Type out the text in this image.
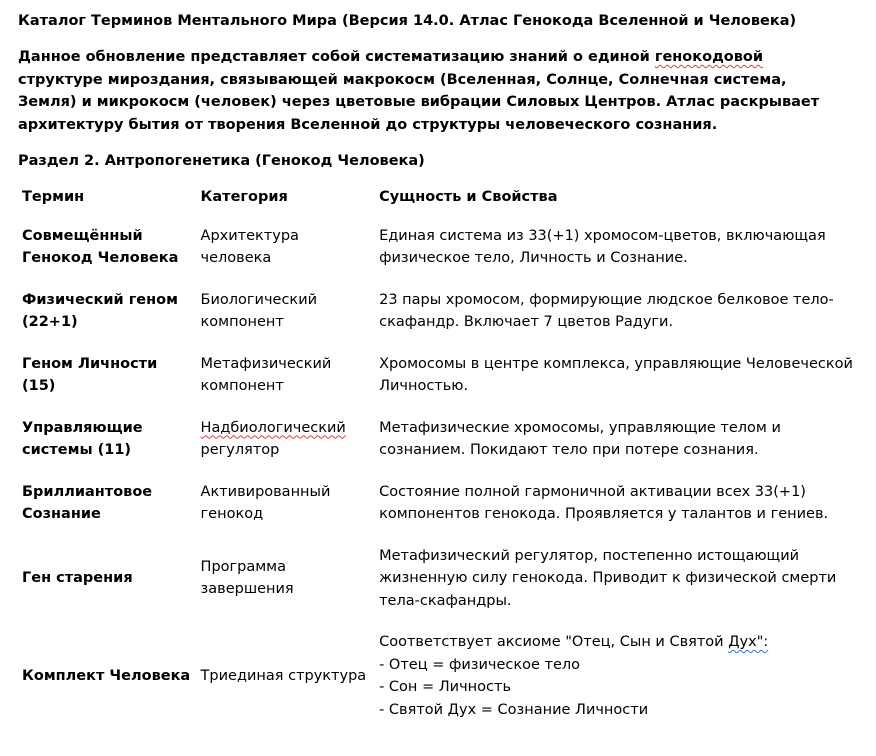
Каталог Терминов Ментального Мира (Версия 14.0. Атлас Генокода Вселенной и Человека)

Данное обновление представляет собой систематизацию знаний о единой генокодовой структуре мироздания, связывающей макрокосм (Вселенная, Солнце, Солнечная система, Земля) и микрокосм (человек) через цветовые вибрации Силовых Центров. Атлас раскрывает архитектуру бытия от творения Вселенной до структуры человеческого сознания.

Раздел 2. Антропогенетика (Генокод Человека)

Термин	Категория	Сущность и Свойства
Совмещённый Генокод Человека	Архитектура человека	Единая система из 33(+1) хромосом-цветов, включающая физическое тело, Личность и Сознание.
Физический геном (22+1)	Биологический компонент	23 пары хромосом, формирующие людское белковое тело-скафандр. Включает 7 цветов Радуги.
Геном Личности (15)	Метафизический компонент	Хромосомы в центре комплекса, управляющие Человеческой Личностью.
Управляющие системы (11)	Надбиологический регулятор	Метафизические хромосомы, управляющие телом и сознанием. Покидают тело при потере сознания.
Бриллиантовое Сознание	Активированный генокод	Состояние полной гармоничной активации всех 33(+1) компонентов генокода. Проявляется у талантов и гениев.
Ген старения	Программа завершения	Метафизический регулятор, постепенно истощающий жизненную силу генокода. Приводит к физической смерти тела-скафандры.
Комплект Человека	Триединая структура	Соответствует аксиоме "Отец, Сын и Святой Дух":
- Отец = физическое тело
- Сон = Личность
- Святой Дух = Сознание Личности
